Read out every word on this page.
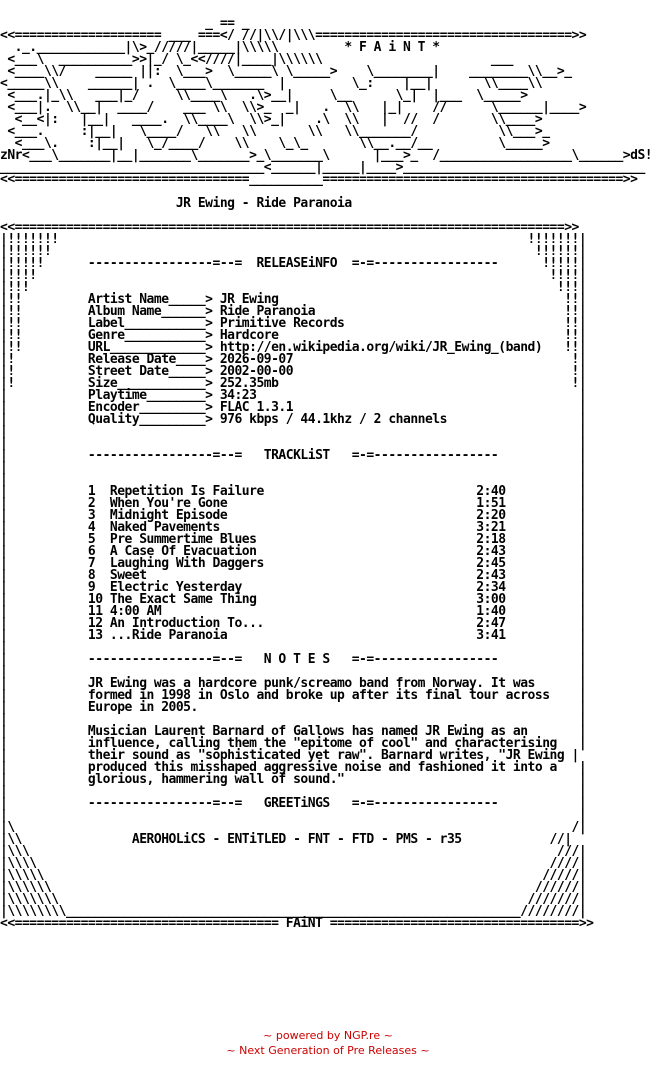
_ == _
<<==================== ___ ===</ //|\\/|\\\===================================>>
._.____________|\>_/////|_____|\\\\\         * F A i N T *
<___\  __________>>|_/ \_<<////|____|\\\\\\                       ___
<____\\/    _____ ||:  \___>  \_____\ \_____>    \________|    ________\\__>_
<_____\\    ______| .  \____\_______  |         \_:    |__|       \\____\\
<___.|_\\   ___|_/     \\____\   .\>__|     \__      \_|  |___  \_____>
<___|.  \\__|  ____/    ___ \\  \\>_  _|   .  \\   |_|    //      \______|____>
<__<|:   |__|   ____.  \\____\  \\>_|    .\  \\   |  //  /       \\____>
<___.     :|__|   \____/   \\   \\       \\   \\_______/           \\___>_
<___\.    :|__|   \_/____/    \\    \_\_       \\__.__/__         \_____>
zNr<___\_______|__|_______\_______>_\_______\      |___>_  /__________________\______>dS!
____________________________________<______|_____|____>_________________________________
<<================================__________=========================================>>
JR Ewing - Ride Paranoia
<<===========================================================================>>
|!!!!!!!                                                                !!!!!!!|
|!!!!!!                                                                  !!!!!!|
|!!!!!      -----------------=--=  RELEASEiNFO  =-=-----------------      !!!!!|
|!!!!                                                                      !!!!|
|!!!                                                                        !!!|
|!!         Artist Name_____> JR Ewing                                       !!|
|!!         Album Name______> Ride Paranoia                                  !!|
|!!         Label___________> Primitive Records                              !!|
|!!         Genre___________> Hardcore                                       !!|
|!!         URL_____________> http://en.wikipedia.org/wiki/JR_Ewing_(band)   !!|
|!          Release Date____> 2026-09-07                                      !|
|!          Street Date_____> 2002-00-00                                      !|
|!          Size____________> 252.35mb                                        !|
|           Playtime________> 34:23                                            |
|           Encoder_________> FLAC 1.3.1                                       |
|           Quality_________> 976 kbps / 44.1khz / 2 channels                  |
|                                                                              |
|                                                                              |
|           -----------------=--=   TRACKLiST   =-=-----------------           |
|                                                                              |
|                                                                              |
|           1  Repetition Is Failure                             2:40          |
|           2  When You're Gone                                  1:51          |
|           3  Midnight Episode                                  2:20          |
|           4  Naked Pavements                                   3:21          |
|           5  Pre Summertime Blues                              2:18          |
|           6  A Case Of Evacuation                              2:43          |
|           7  Laughing With Daggers                             2:45          |
|           8  Sweet                                             2:43          |
|           9  Electric Yesterday                                2:34          |
|           10 The Exact Same Thing                              3:00          |
|           11 4:00 AM                                           1:40          |
|           12 An Introduction To...                             2:47          |
|           13 ...Ride Paranoia                                  3:41          |
|                                                                              |
|           -----------------=--=   N O T E S   =-=-----------------           |
|                                                                              |
|           JR Ewing was a hardcore punk/screamo band from Norway. It was      |
|           formed in 1998 in Oslo and broke up after its final tour across    |
|           Europe in 2005.                                                    |
|                                                                              |
|           Musician Laurent Barnard of Gallows has named JR Ewing as an       |
|           influence, calling them the "epitome of cool" and characterising   |
|           their sound as "sophisticated yet raw". Barnard writes, "JR Ewing |
|           produced this misshaped aggressive noise and fashioned it into a   |
|           glorious, hammering wall of sound."                                |
|                                                                              |
|           -----------------=--=   GREETiNGS   =-=-----------------           |
|                                                                              |
|\                                                                            /|
|\\               AEROHOLiCS - ENTiTLED - FNT - FTD - PMS - r35            //|
|\\\                                                                        ///|
|\\\\                                                                      ////|
|\\\\\                                                                    /////|
|\\\\\\                                                                  //////|
|\\\\\\\                                                                ///////|
|\\\\\\\\______________________________________________________________////////|
<<==================================== FAiNT ==================================>>
~ powered by NGP.re ~
~ Next Generation of Pre Releases ~
